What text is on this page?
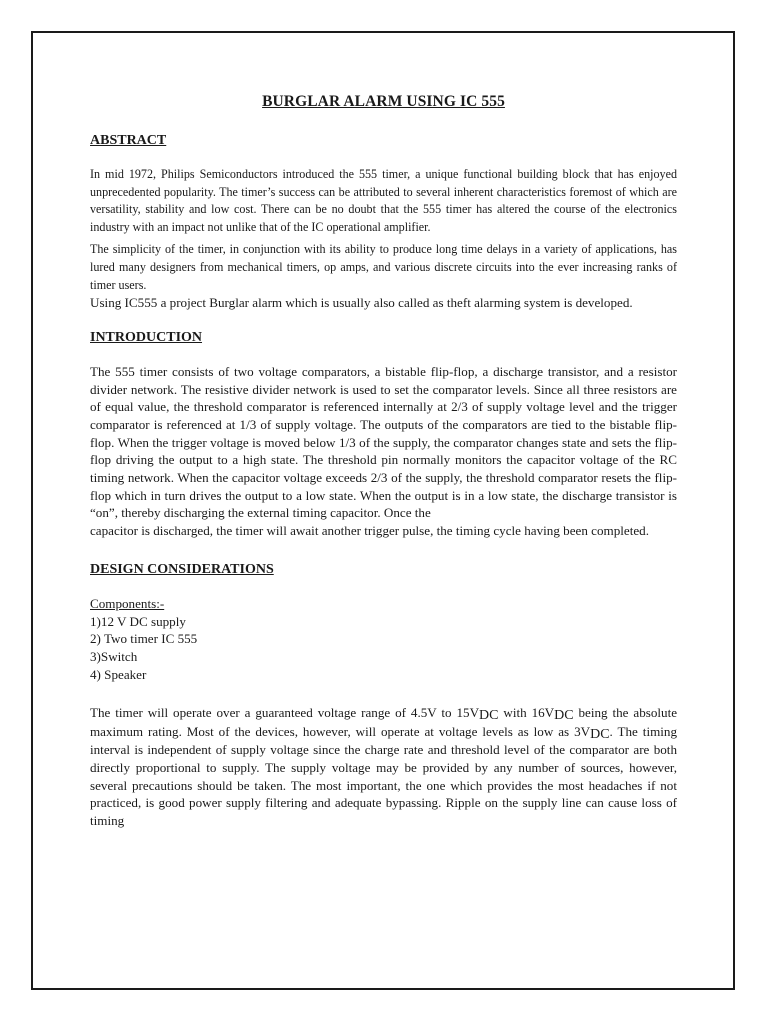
BURGLAR ALARM USING IC 555
ABSTRACT

In mid 1972, Philips Semiconductors introduced the 555 timer, a unique functional building block that has enjoyed unprecedented popularity. The timer’s success can be attributed to several inherent characteristics foremost of which are versatility, stability and low cost. There can be no doubt that the 555 timer has altered the course of the electronics industry with an impact not unlike that of the IC operational amplifier.

The simplicity of the timer, in conjunction with its ability to produce long time delays in a variety of applications, has lured many designers from mechanical timers, op amps, and various discrete circuits into the ever increasing ranks of timer users.

Using IC555 a project Burglar alarm which is usually also called as theft alarming system is developed.

INTRODUCTION

The 555 timer consists of two voltage comparators, a bistable flip-flop, a discharge transistor, and a resistor divider network. The resistive divider network is used to set the comparator levels. Since all three resistors are of equal value, the threshold comparator is referenced internally at 2/3 of supply voltage level and the trigger comparator is referenced at 1/3 of supply voltage. The outputs of the comparators are tied to the bistable flip-flop. When the trigger voltage is moved below 1/3 of the supply, the comparator changes state and sets the flip-flop driving the output to a high state. The threshold pin normally monitors the capacitor voltage of the RC timing network. When the capacitor voltage exceeds 2/3 of the supply, the threshold comparator resets the flip-flop which in turn drives the output to a low state. When the output is in a low state, the discharge transistor is “on”, thereby discharging the external timing capacitor. Once the

capacitor is discharged, the timer will await another trigger pulse, the timing cycle having been completed.

DESIGN CONSIDERATIONS
Components:-
1)12 V DC supply
2) Two timer IC 555
3)Switch
4) Speaker

The timer will operate over a guaranteed voltage range of 4.5V to 15VDC with 16VDC being the absolute maximum rating. Most of the devices, however, will operate at voltage levels as low as 3VDC. The timing interval is independent of supply voltage since the charge rate and threshold level of the comparator are both directly proportional to supply. The supply voltage may be provided by any number of sources, however, several precautions should be taken. The most important, the one which provides the most headaches if not practiced, is good power supply filtering and adequate bypassing. Ripple on the supply line can cause loss of timing
